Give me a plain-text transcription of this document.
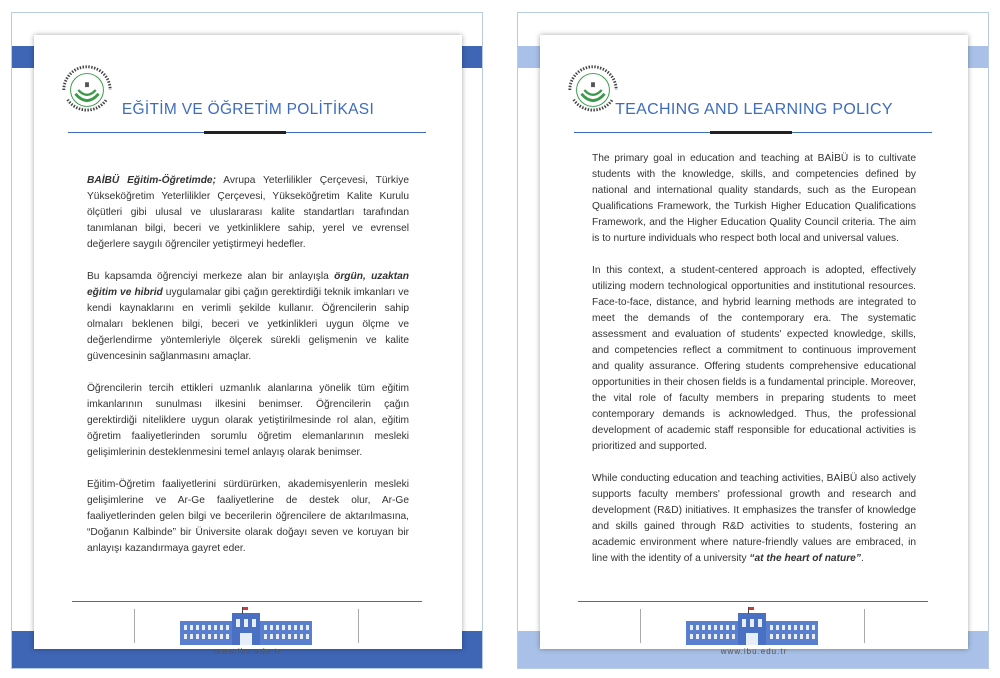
EĞİTİM VE ÖĞRETİM POLİTİKASI

BAİBÜ Eğitim-Öğretimde; Avrupa Yeterlilikler Çerçevesi, Türkiye Yükseköğretim Yeterlilikler Çerçevesi, Yükseköğretim Kalite Kurulu ölçütleri gibi ulusal ve uluslararası kalite standartları tarafından tanımlanan bilgi, beceri ve yetkinliklere sahip, yerel ve evrensel değerlere saygılı öğrenciler yetiştirmeyi hedefler.

Bu kapsamda öğrenciyi merkeze alan bir anlayışla örgün, uzaktan eğitim ve hibrid uygulamalar gibi çağın gerektirdiği teknik imkanları ve kendi kaynaklarını en verimli şekilde kullanır. Öğrencilerin sahip olmaları beklenen bilgi, beceri ve yetkinlikleri uygun ölçme ve değerlendirme yöntemleriyle ölçerek sürekli gelişmenin ve kalite güvencesinin sağlanmasını amaçlar.

Öğrencilerin tercih ettikleri uzmanlık alanlarına yönelik tüm eğitim imkanlarının sunulması ilkesini benimser. Öğrencilerin çağın gerektirdiği niteliklere uygun olarak yetiştirilmesinde rol alan, eğitim öğretim faaliyetlerinden sorumlu öğretim elemanlarının mesleki gelişimlerinin desteklenmesini temel anlayış olarak benimser.

Eğitim-Öğretim faaliyetlerini sürdürürken, akademisyenlerin mesleki gelişimlerine ve Ar-Ge faaliyetlerine de destek olur, Ar-Ge faaliyetlerinden gelen bilgi ve becerilerin öğrencilere de aktarılmasına, “Doğanın Kalbinde” bir Üniversite olarak doğayı seven ve koruyan bir anlayışı kazandırmaya gayret eder.

www.ibu.edu.tr
TEACHING AND LEARNING POLICY

The primary goal in education and teaching at BAİBÜ is to cultivate students with the knowledge, skills, and competencies defined by national and international quality standards, such as the European Qualifications Framework, the Turkish Higher Education Qualifications Framework, and the Higher Education Quality Council criteria. The aim is to nurture individuals who respect both local and universal values.

In this context, a student-centered approach is adopted, effectively utilizing modern technological opportunities and institutional resources. Face-to-face, distance, and hybrid learning methods are integrated to meet the demands of the contemporary era. The systematic assessment and evaluation of students' expected knowledge, skills, and competencies reflect a commitment to continuous improvement and quality assurance. Offering students comprehensive educational opportunities in their chosen fields is a fundamental principle. Moreover, the vital role of faculty members in preparing students to meet contemporary demands is acknowledged. Thus, the professional development of academic staff responsible for educational activities is prioritized and supported.

While conducting education and teaching activities, BAİBÜ also actively supports faculty members' professional growth and research and development (R&D) initiatives. It emphasizes the transfer of knowledge and skills gained through R&D activities to students, fostering an academic environment where nature-friendly values are embraced, in line with the identity of a university “at the heart of nature”.

www.ibu.edu.tr
